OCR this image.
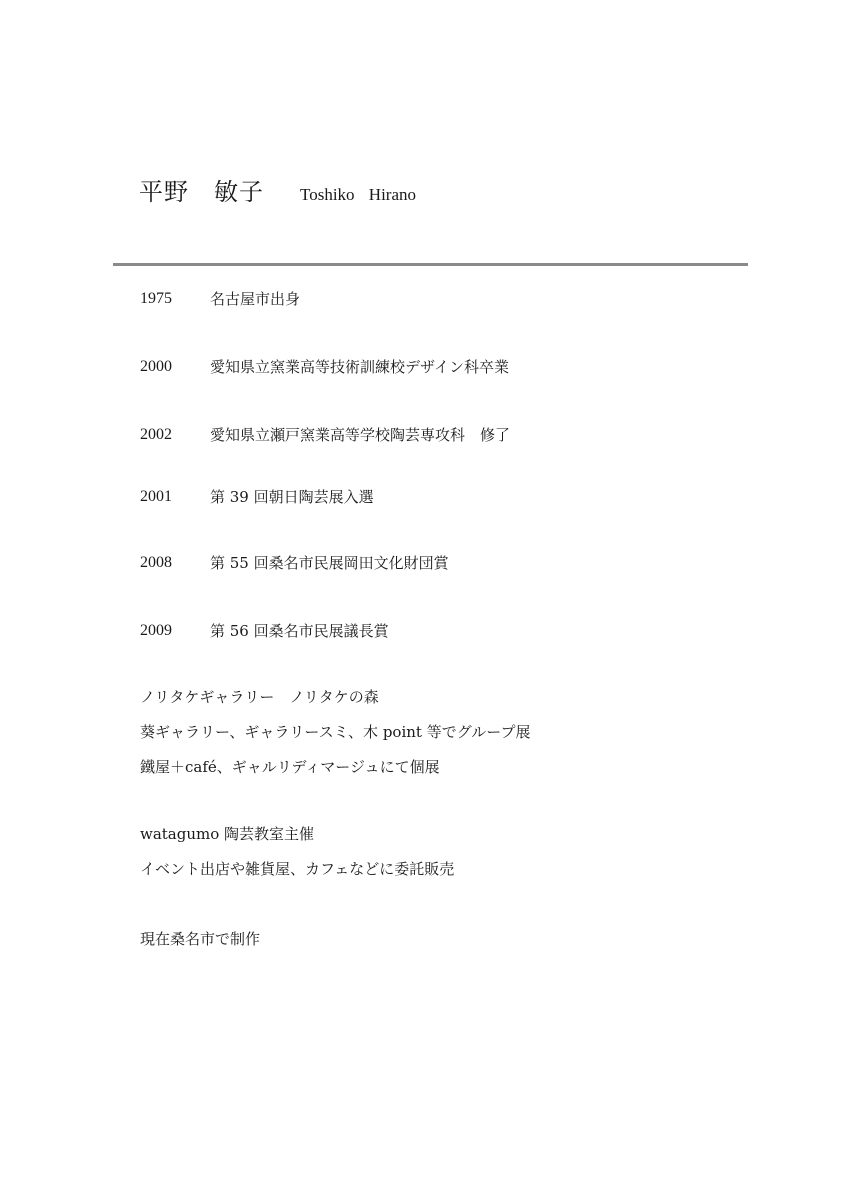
平野　敏子 Toshiko Hirano
1975	名古屋市出身
2000	愛知県立窯業高等技術訓練校デザイン科卒業
2002	愛知県立瀬戸窯業高等学校陶芸専攻科　修了
2001	第 39 回朝日陶芸展入選
2008	第 55 回桑名市民展岡田文化財団賞
2009	第 56 回桑名市民展議長賞
ノリタケギャラリー　ノリタケの森
葵ギャラリー、ギャラリースミ、木 point 等でグループ展
鐵屋＋café、ギャルリディマージュにて個展
watagumo 陶芸教室主催
イベント出店や雑貨屋、カフェなどに委託販売
現在桑名市で制作
